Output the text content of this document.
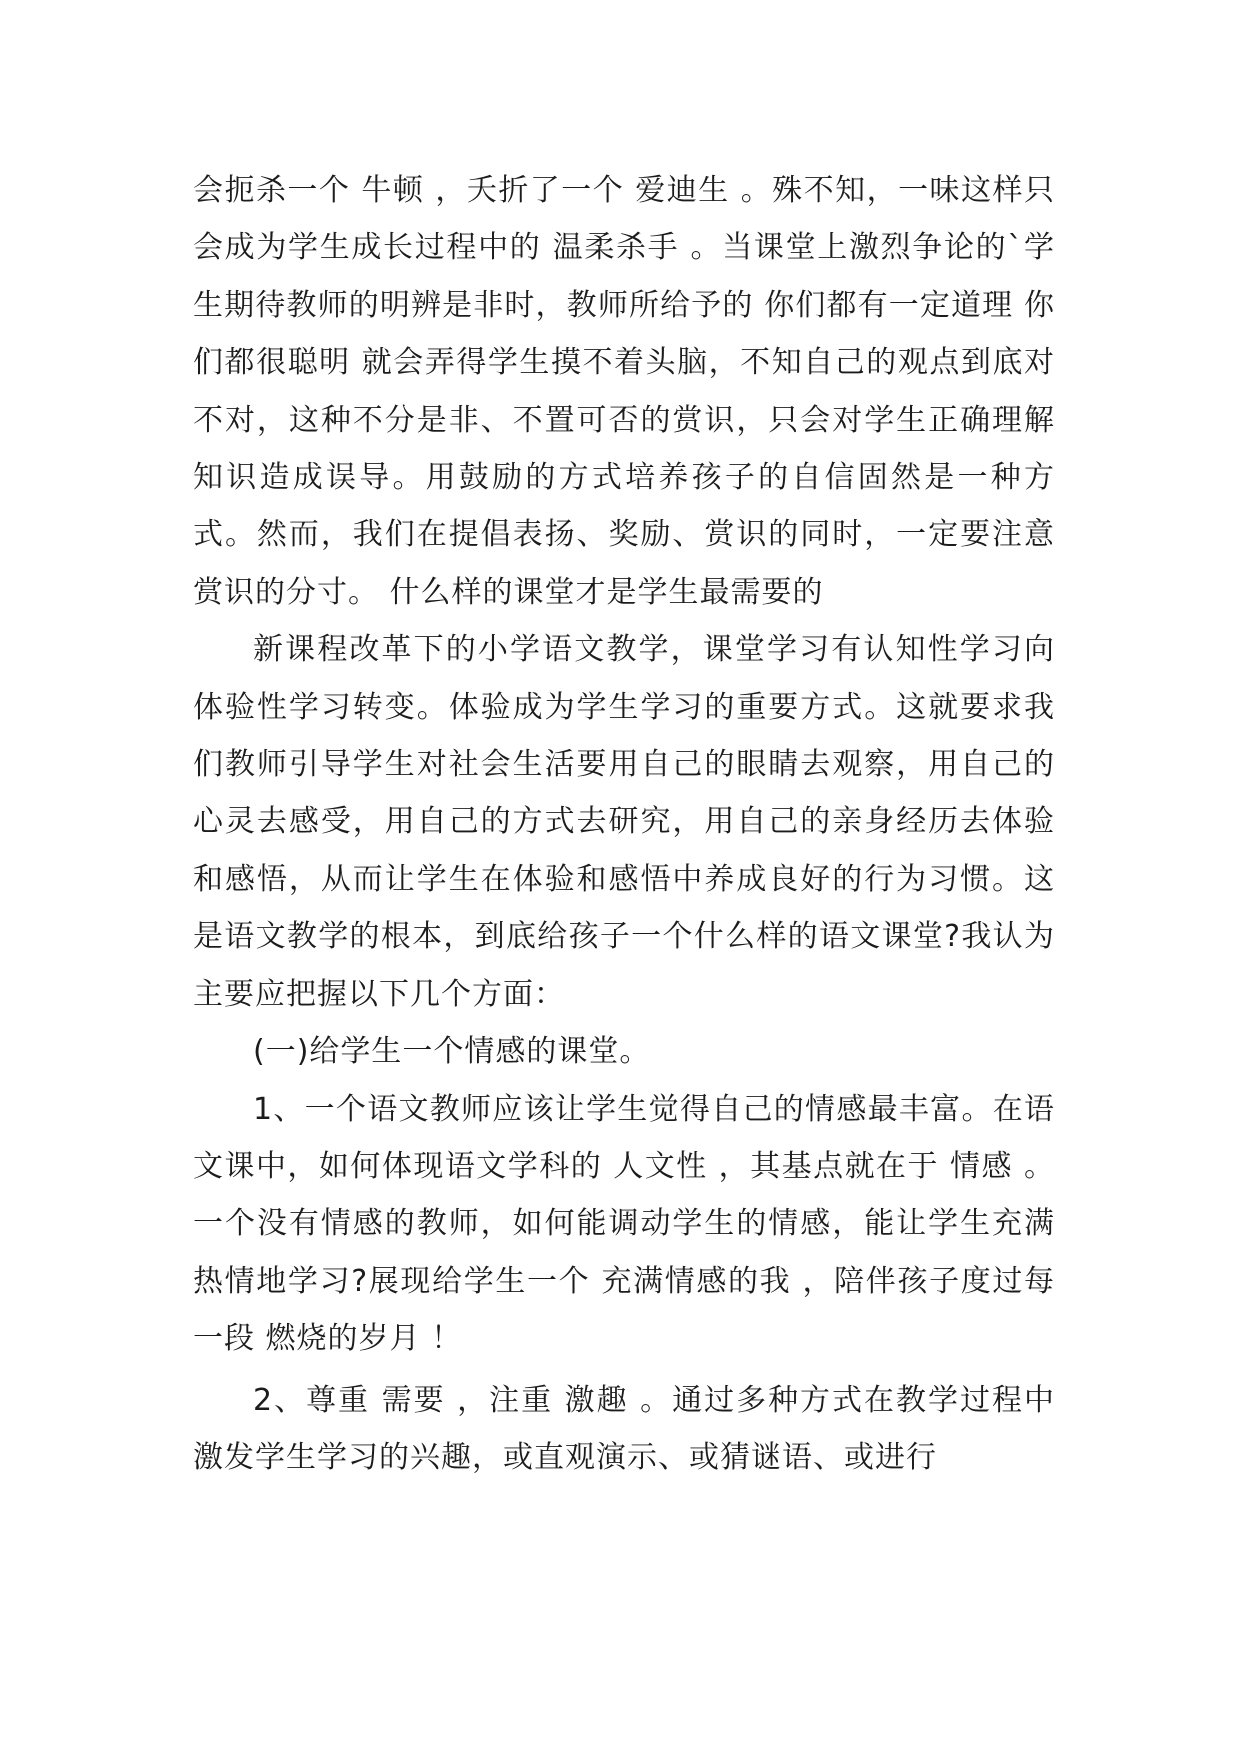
会扼杀一个 牛顿 ，夭折了一个 爱迪生 。殊不知，一味这样只会成为学生成长过程中的 温柔杀手 。当课堂上激烈争论的`学生期待教师的明辨是非时，教师所给予的 你们都有一定道理 你们都很聪明 就会弄得学生摸不着头脑，不知自己的观点到底对不对，这种不分是非、不置可否的赏识，只会对学生正确理解知识造成误导。用鼓励的方式培养孩子的自信固然是一种方式。然而，我们在提倡表扬、奖励、赏识的同时，一定要注意赏识的分寸。 什么样的课堂才是学生最需要的

新课程改革下的小学语文教学，课堂学习有认知性学习向体验性学习转变。体验成为学生学习的重要方式。这就要求我们教师引导学生对社会生活要用自己的眼睛去观察，用自己的心灵去感受，用自己的方式去研究，用自己的亲身经历去体验和感悟，从而让学生在体验和感悟中养成良好的行为习惯。这是语文教学的根本，到底给孩子一个什么样的语文课堂?我认为主要应把握以下几个方面：

(一)给学生一个情感的课堂。

1、一个语文教师应该让学生觉得自己的情感最丰富。在语文课中，如何体现语文学科的 人文性 ，其基点就在于 情感 。一个没有情感的教师，如何能调动学生的情感，能让学生充满热情地学习?展现给学生一个 充满情感的我 ，陪伴孩子度过每一段 燃烧的岁月 ！

2、尊重 需要 ，注重 激趣 。通过多种方式在教学过程中激发学生学习的兴趣，或直观演示、或猜谜语、或进行
